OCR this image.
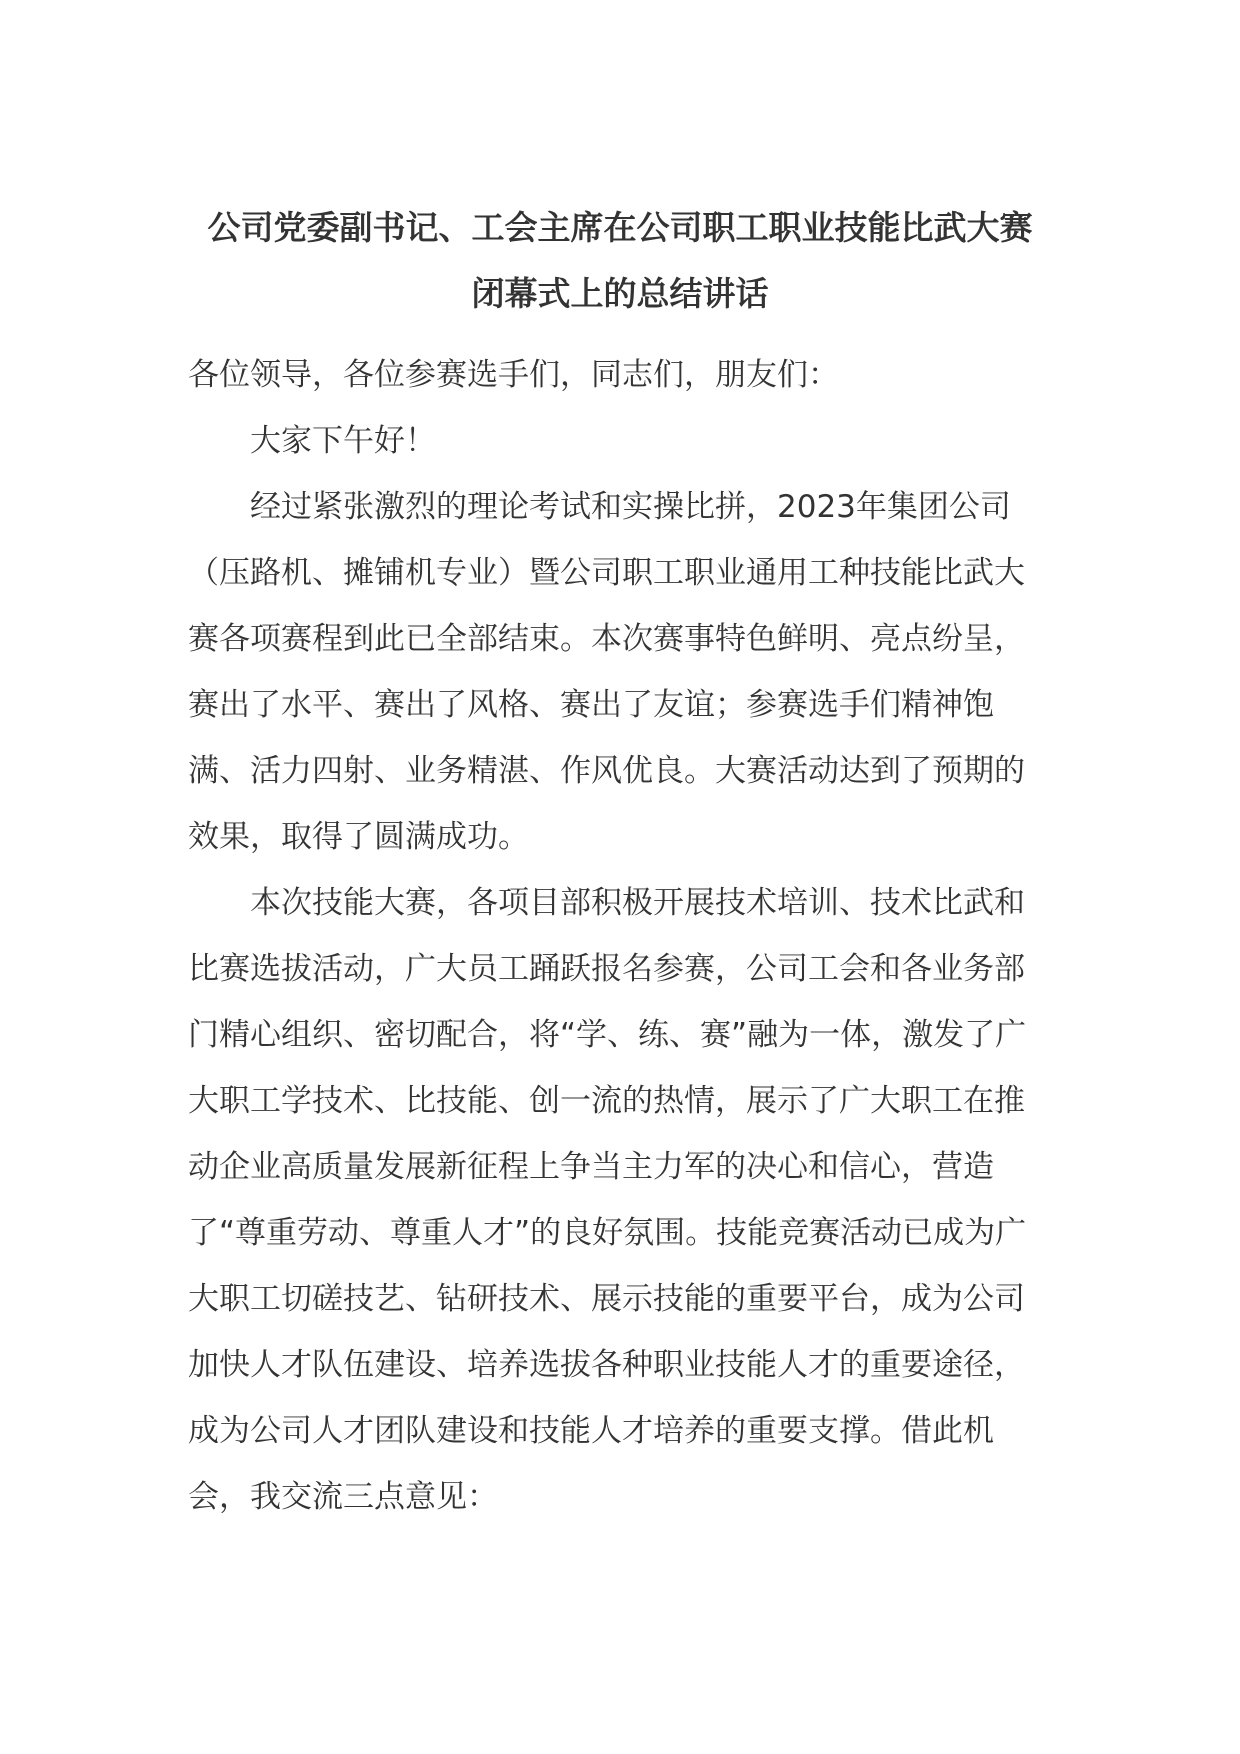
公司党委副书记、工会主席在公司职工职业技能比武大赛
闭幕式上的总结讲话

各位领导，各位参赛选手们，同志们，朋友们：

大家下午好！

经过紧张激烈的理论考试和实操比拼，2023年集团公司（压路机、摊铺机专业）暨公司职工职业通用工种技能比武大赛各项赛程到此已全部结束。本次赛事特色鲜明、亮点纷呈，赛出了水平、赛出了风格、赛出了友谊；参赛选手们精神饱满、活力四射、业务精湛、作风优良。大赛活动达到了预期的效果，取得了圆满成功。

本次技能大赛，各项目部积极开展技术培训、技术比武和比赛选拔活动，广大员工踊跃报名参赛，公司工会和各业务部门精心组织、密切配合，将“学、练、赛”融为一体，激发了广大职工学技术、比技能、创一流的热情，展示了广大职工在推动企业高质量发展新征程上争当主力军的决心和信心，营造了“尊重劳动、尊重人才”的良好氛围。技能竞赛活动已成为广大职工切磋技艺、钻研技术、展示技能的重要平台，成为公司加快人才队伍建设、培养选拔各种职业技能人才的重要途径，成为公司人才团队建设和技能人才培养的重要支撑。借此机会，我交流三点意见：
